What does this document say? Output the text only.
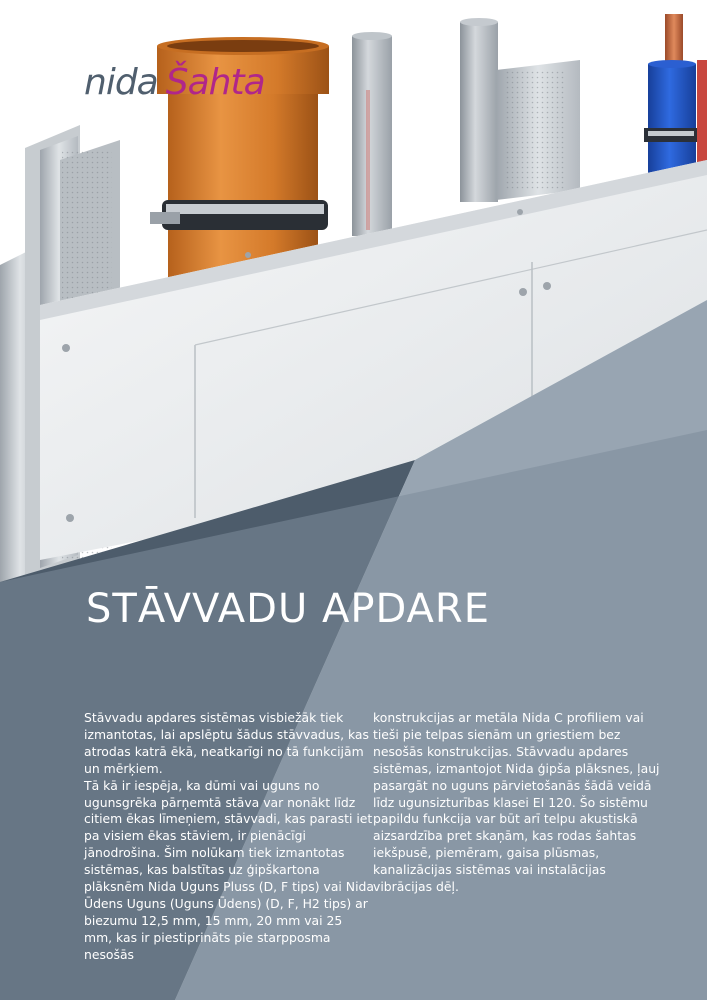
nida Šahta
STĀVVADU APDARE

Stāvvadu apdares sistēmas visbiežāk tiek izmantotas, lai apslēptu šādus stāvvadus, kas atrodas katrā ēkā, neatkarīgi no tā funkcijām un mērķiem.

Tā kā ir iespēja, ka dūmi vai uguns no ugunsgrēka pārņemtā stāva var nonākt līdz citiem ēkas līmeņiem, stāvvadi, kas parasti iet pa visiem ēkas stāviem, ir pienācīgi jānodrošina. Šim nolūkam tiek izmantotas sistēmas, kas balstītas uz ģipškartona plāksnēm Nida Uguns Pluss (D, F tips) vai Nida Ūdens Uguns (Uguns Ūdens) (D, F, H2 tips) ar biezumu 12,5 mm, 15 mm, 20 mm vai 25 mm, kas ir piestiprināts pie starpposma nesošās

konstrukcijas ar metāla Nida C profiliem vai tieši pie telpas sienām un griestiem bez nesošās konstrukcijas. Stāvvadu apdares sistēmas, izmantojot Nida ģipša plāksnes, ļauj pasargāt no uguns pārvietošanās šādā veidā līdz ugunsizturības klasei EI 120. Šo sistēmu papildu funkcija var būt arī telpu akustiskā aizsardzība pret skaņām, kas rodas šahtas iekšpusē, piemēram, gaisa plūsmas, kanalizācijas sistēmas vai instalācijas vibrācijas dēļ.
